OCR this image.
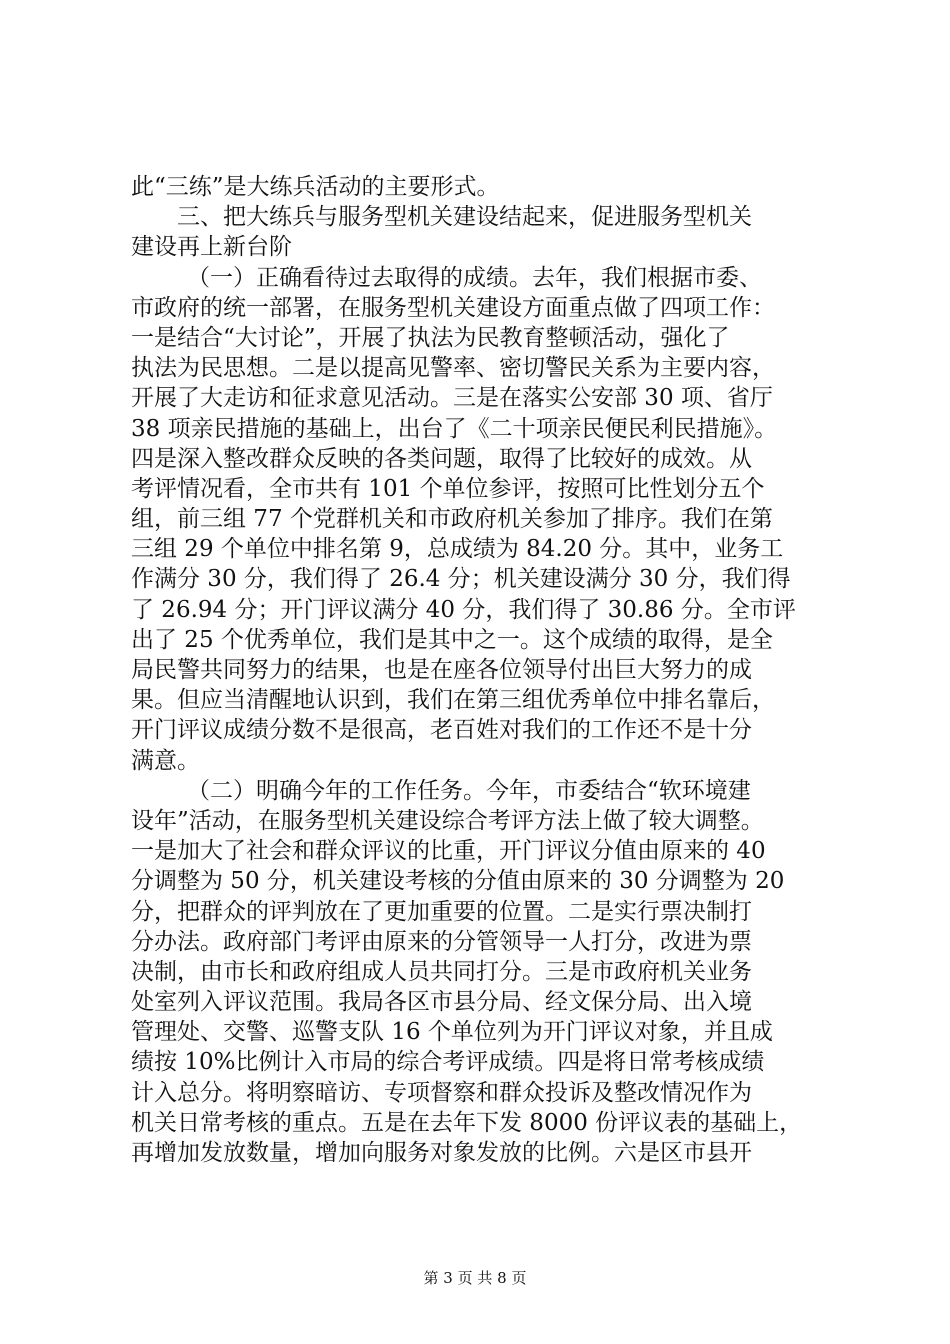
此“三练”是大练兵活动的主要形式。
三、把大练兵与服务型机关建设结起来，促进服务型机关
建设再上新台阶
（一）正确看待过去取得的成绩。去年，我们根据市委、
市政府的统一部署，在服务型机关建设方面重点做了四项工作：
一是结合“大讨论”，开展了执法为民教育整顿活动，强化了
执法为民思想。二是以提高见警率、密切警民关系为主要内容，
开展了大走访和征求意见活动。三是在落实公安部 30 项、省厅
38 项亲民措施的基础上，出台了《二十项亲民便民利民措施》。
四是深入整改群众反映的各类问题，取得了比较好的成效。从
考评情况看，全市共有 101 个单位参评，按照可比性划分五个
组，前三组 77 个党群机关和市政府机关参加了排序。我们在第
三组 29 个单位中排名第 9，总成绩为 84.20 分。其中，业务工
作满分 30 分，我们得了 26.4 分；机关建设满分 30 分，我们得
了 26.94 分；开门评议满分 40 分，我们得了 30.86 分。全市评
出了 25 个优秀单位，我们是其中之一。这个成绩的取得，是全
局民警共同努力的结果，也是在座各位领导付出巨大努力的成
果。但应当清醒地认识到，我们在第三组优秀单位中排名靠后，
开门评议成绩分数不是很高，老百姓对我们的工作还不是十分
满意。
（二）明确今年的工作任务。今年，市委结合“软环境建
设年”活动，在服务型机关建设综合考评方法上做了较大调整。
一是加大了社会和群众评议的比重，开门评议分值由原来的 40
分调整为 50 分，机关建设考核的分值由原来的 30 分调整为 20
分，把群众的评判放在了更加重要的位置。二是实行票决制打
分办法。政府部门考评由原来的分管领导一人打分，改进为票
决制，由市长和政府组成人员共同打分。三是市政府机关业务
处室列入评议范围。我局各区市县分局、经文保分局、出入境
管理处、交警、巡警支队 16 个单位列为开门评议对象，并且成
绩按 10%比例计入市局的综合考评成绩。四是将日常考核成绩
计入总分。将明察暗访、专项督察和群众投诉及整改情况作为
机关日常考核的重点。五是在去年下发 8000 份评议表的基础上，
再增加发放数量，增加向服务对象发放的比例。六是区市县开
第 3 页 共 8 页
